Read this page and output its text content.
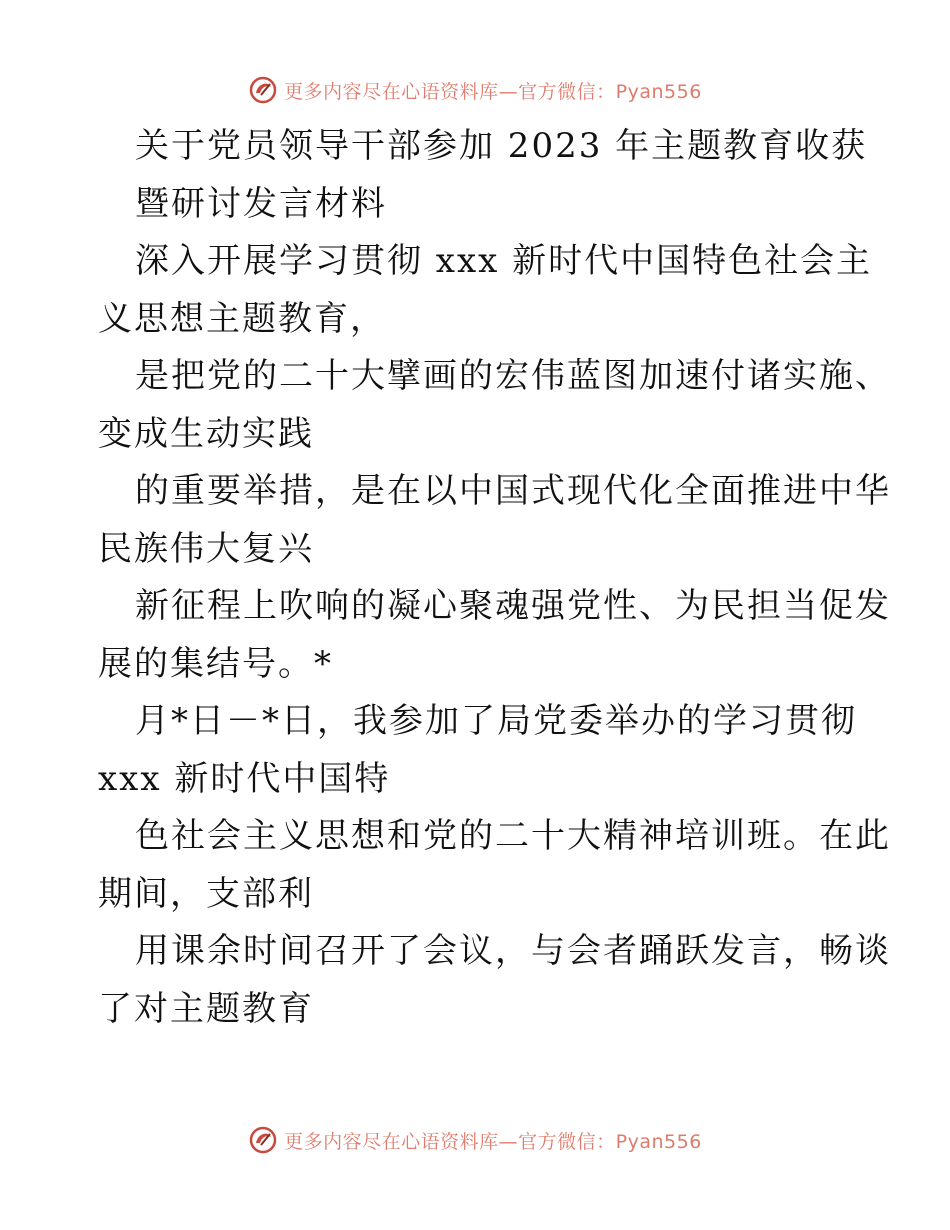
更多内容尽在心语资料库—官方微信：Pyan556
关于党员领导干部参加 2023 年主题教育收获
暨研讨发言材料
深入开展学习贯彻 xxx 新时代中国特色社会主
义思想主题教育，
是把党的二十大擘画的宏伟蓝图加速付诸实施、
变成生动实践
的重要举措，是在以中国式现代化全面推进中华
民族伟大复兴
新征程上吹响的凝心聚魂强党性、为民担当促发
展的集结号。*
月*日－*日，我参加了局党委举办的学习贯彻
xxx 新时代中国特
色社会主义思想和党的二十大精神培训班。在此
期间，支部利
用课余时间召开了会议，与会者踊跃发言，畅谈
了对主题教育
更多内容尽在心语资料库—官方微信：Pyan556
